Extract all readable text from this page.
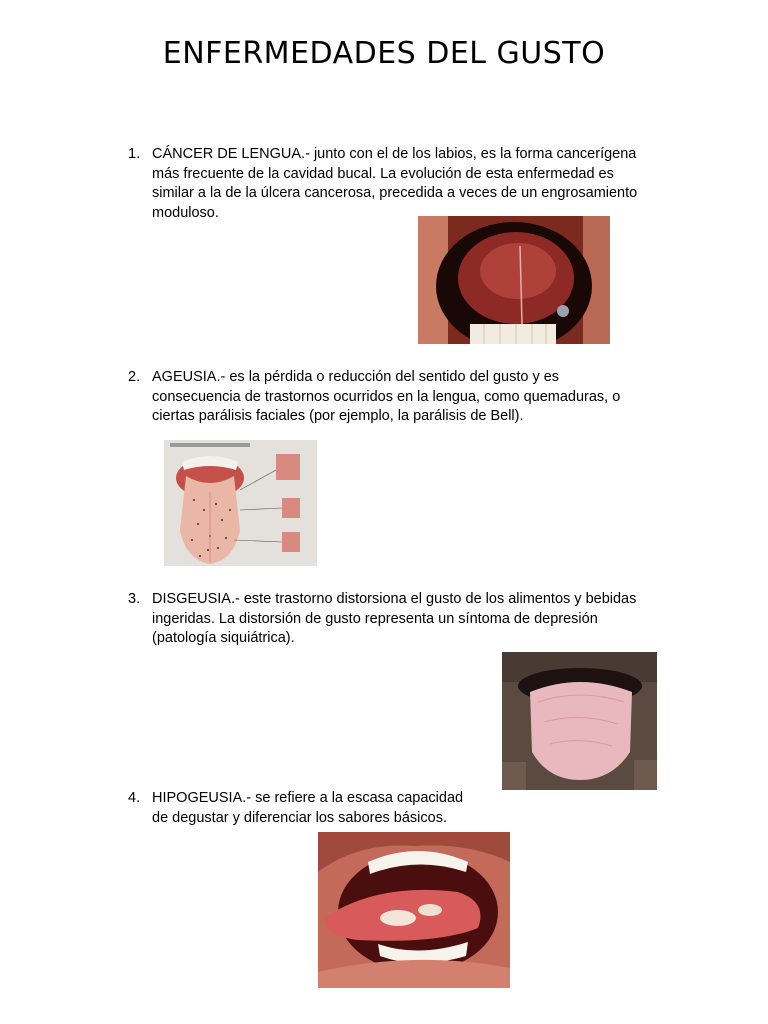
ENFERMEDADES DEL GUSTO
1. CÁNCER DE LENGUA.- junto con el de los labios, es la forma cancerígena
más frecuente de la cavidad bucal. La evolución de esta enfermedad es
similar a la de la úlcera cancerosa, precedida a veces de un engrosamiento
moduloso.
2. AGEUSIA.- es la pérdida o reducción del sentido del gusto y es
consecuencia de trastornos ocurridos en la lengua, como quemaduras, o
ciertas parálisis faciales (por ejemplo, la parálisis de Bell).
3. DISGEUSIA.- este trastorno distorsiona el gusto de los alimentos y bebidas
ingeridas. La distorsión de gusto representa un síntoma de depresión
(patología siquiátrica).
4. HIPOGEUSIA.- se refiere a la escasa capacidad
de degustar y diferenciar los sabores básicos.
